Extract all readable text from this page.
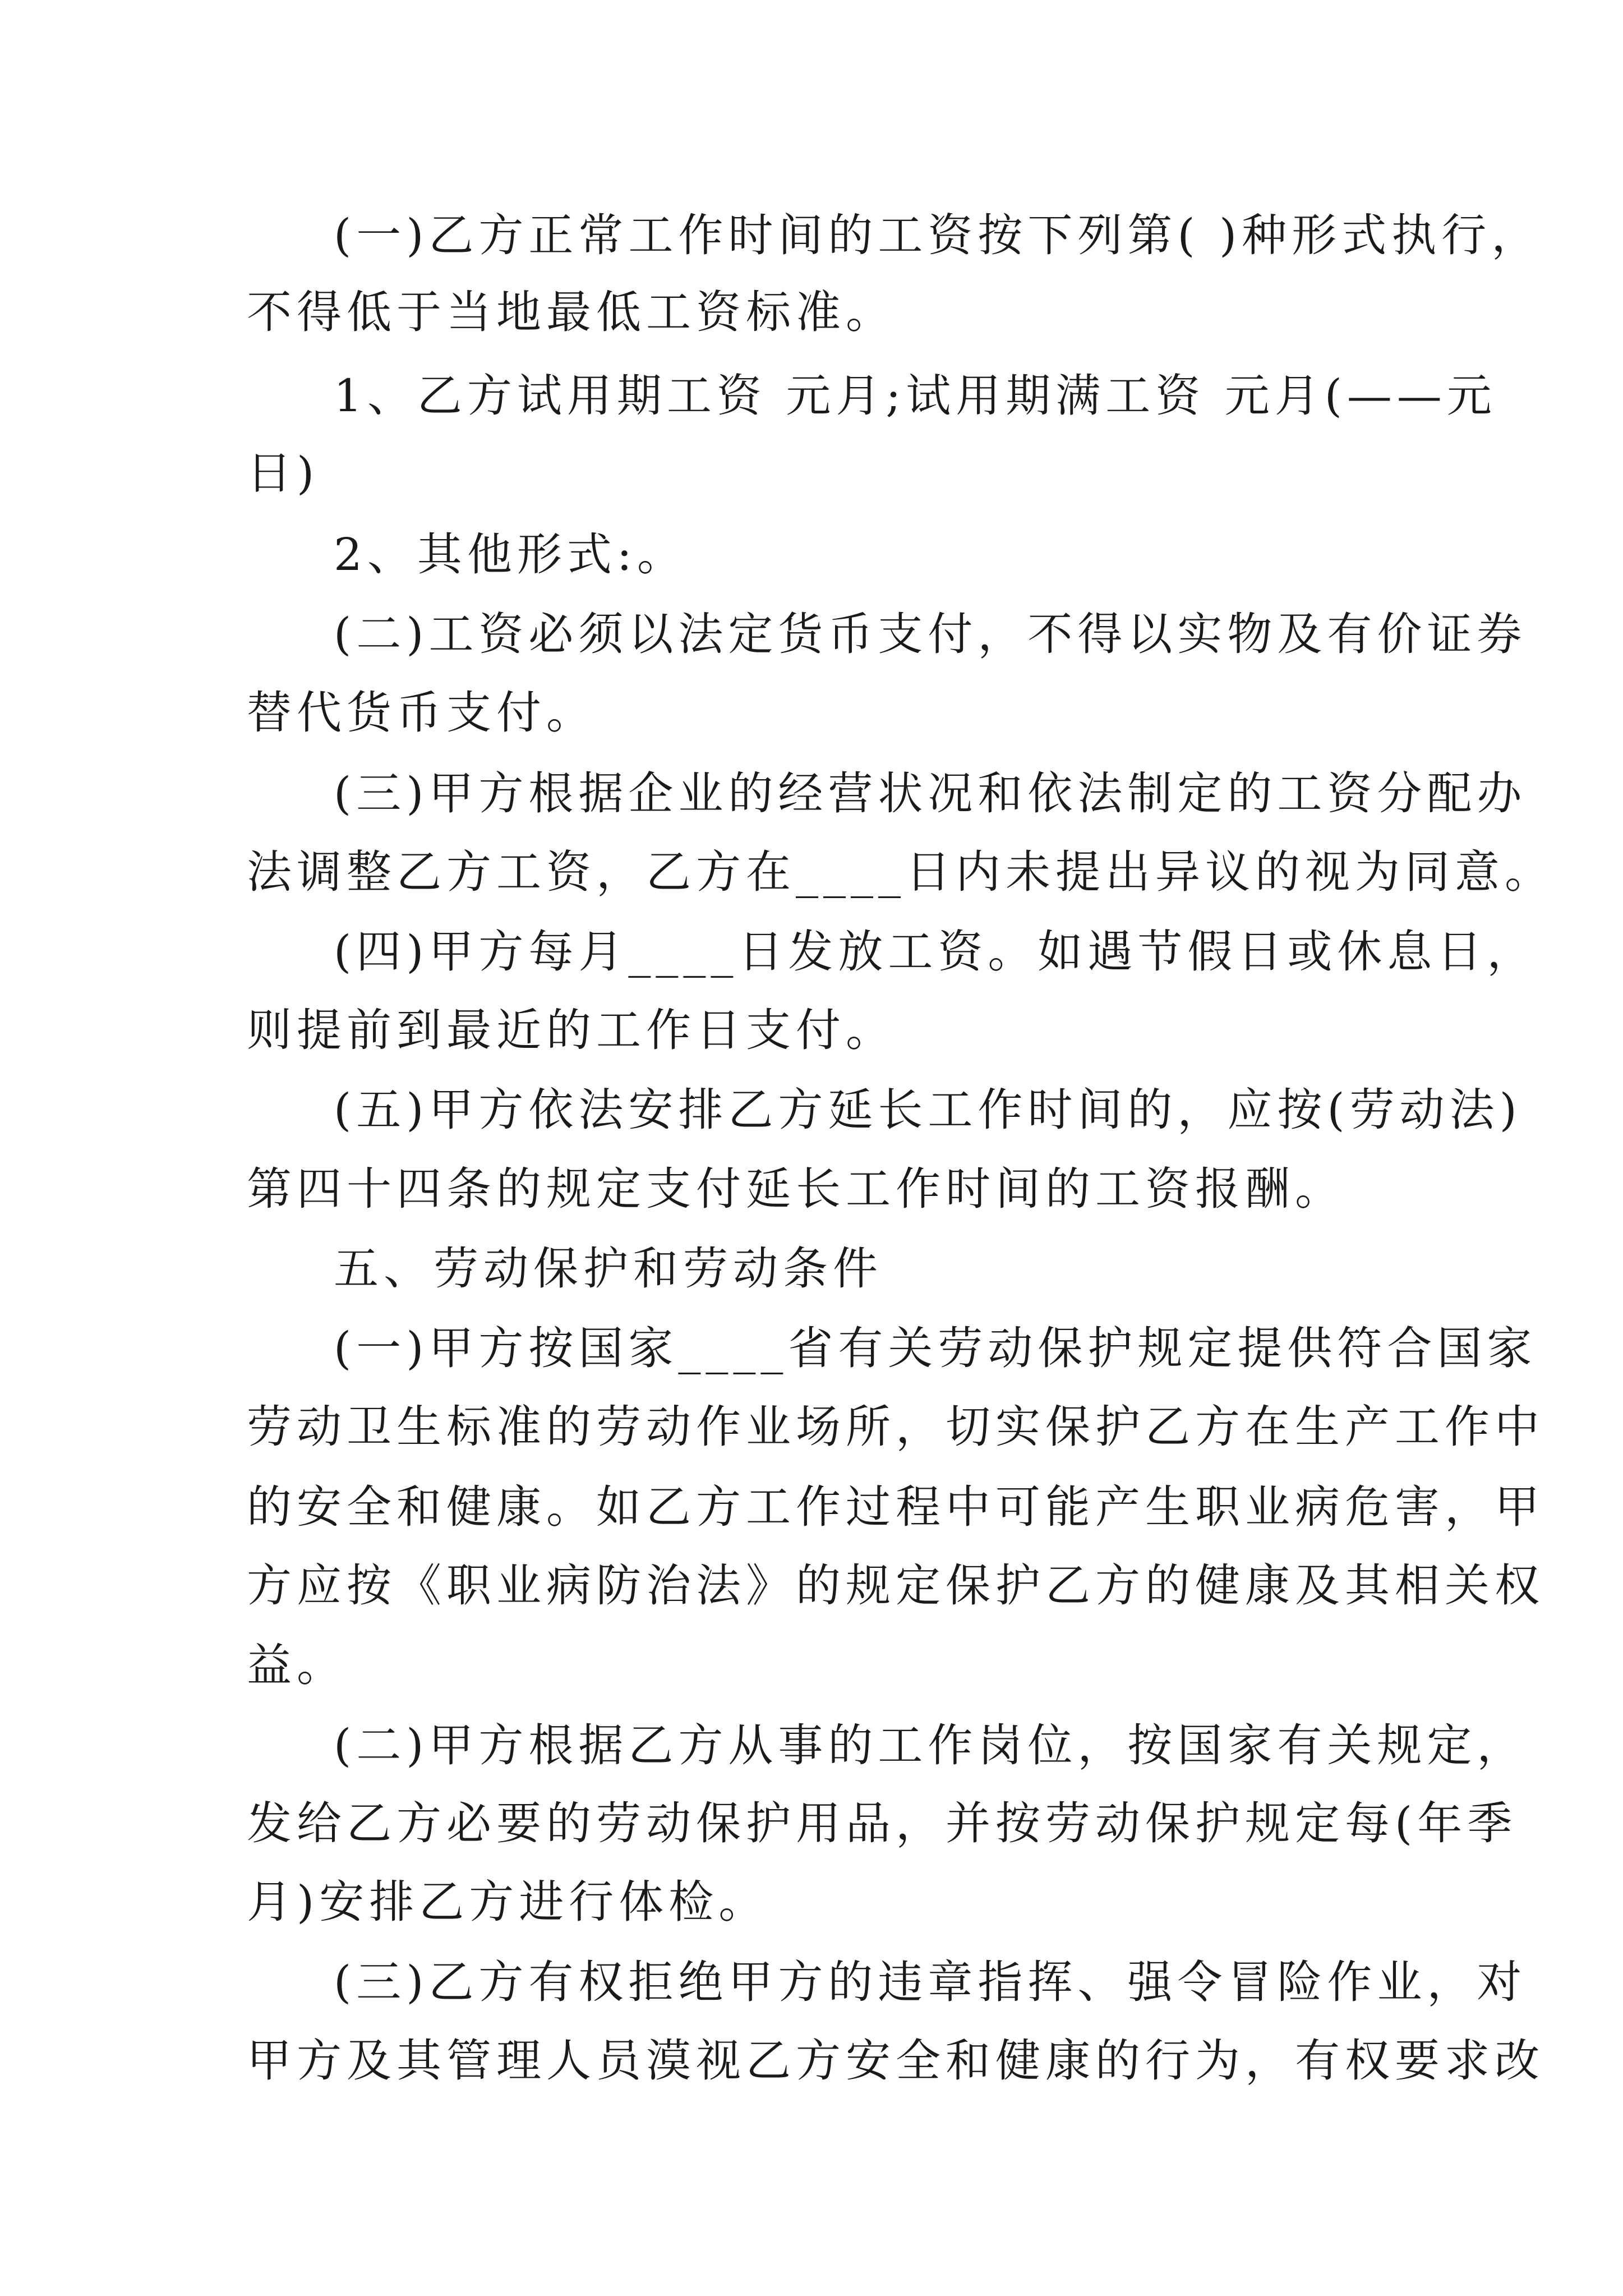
(一)乙方正常工作时间的工资按下列第( )种形式执行，
不得低于当地最低工资标准。
1、乙方试用期工资 元月;试用期满工资 元月(——元
日)
2、其他形式:。
(二)工资必须以法定货币支付，不得以实物及有价证券
替代货币支付。
(三)甲方根据企业的经营状况和依法制定的工资分配办
法调整乙方工资，乙方在____日内未提出异议的视为同意。
(四)甲方每月____日发放工资。如遇节假日或休息日，
则提前到最近的工作日支付。
(五)甲方依法安排乙方延长工作时间的，应按(劳动法)
第四十四条的规定支付延长工作时间的工资报酬。
五、劳动保护和劳动条件
(一)甲方按国家____省有关劳动保护规定提供符合国家
劳动卫生标准的劳动作业场所，切实保护乙方在生产工作中
的安全和健康。如乙方工作过程中可能产生职业病危害，甲
方应按《职业病防治法》的规定保护乙方的健康及其相关权
益。
(二)甲方根据乙方从事的工作岗位，按国家有关规定，
发给乙方必要的劳动保护用品，并按劳动保护规定每(年季
月)安排乙方进行体检。
(三)乙方有权拒绝甲方的违章指挥、强令冒险作业，对
甲方及其管理人员漠视乙方安全和健康的行为，有权要求改
